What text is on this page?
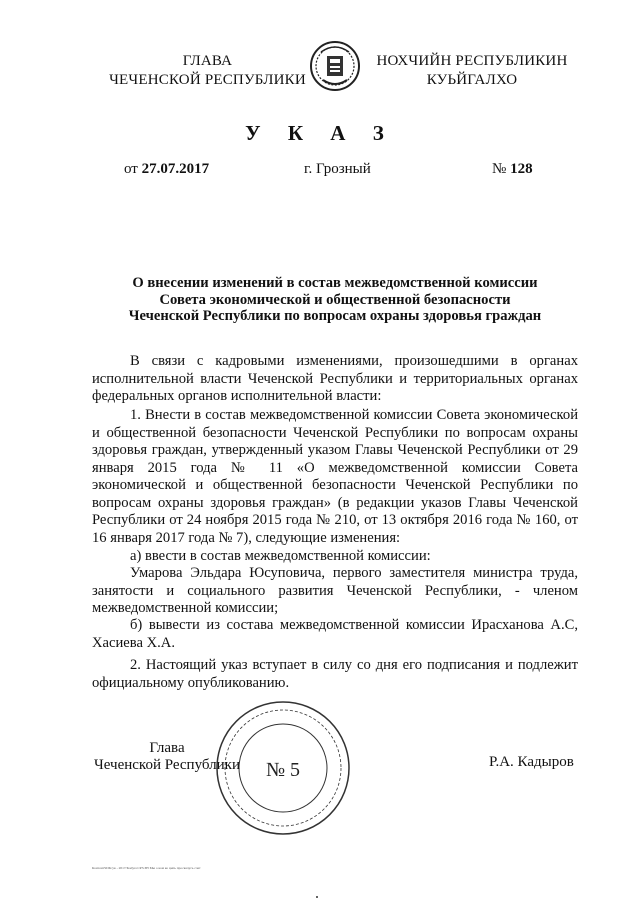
ГЛАВА
ЧЕЧЕНСКОЙ РЕСПУБЛИКИ
НОХЧИЙН РЕСПУБЛИКИН
КУЬЙГАЛХО
У К А З
от 27.07.2017	г. Грозный	№ 128
О внесении изменений в состав межведомственной комиссии
Совета экономической и общественной безопасности
Чеченской Республики по вопросам охраны здоровья граждан
В связи с кадровыми изменениями, произошедшими в органах исполнительной власти Чеченской Республики и территориальных органах федеральных органов исполнительной власти:
1. Внести в состав межведомственной комиссии Совета экономической и общественной безопасности Чеченской Республики по вопросам охраны здоровья граждан, утвержденный указом Главы Чеченской Республики от 29 января 2015 года № 11 «О межведомственной комиссии Совета экономической и общественной безопасности Чеченской Республики по вопросам охраны здоровья граждан» (в редакции указов Главы Чеченской Республики от 24 ноября 2015 года № 210, от 13 октября 2016 года № 160, от 16 января 2017 года № 7), следующие изменения:
а) ввести в состав межведомственной комиссии:
Умарова Эльдара Юсуповича, первого заместителя министра труда, занятости и социального развития Чеченской Республики, - членом межведомственной комиссии;
б) вывести из состава межведомственной комиссии Ирасханова А.С, Хасиева Х.А.
2. Настоящий указ вступает в силу со дня его подписания и подлежит официальному опубликованию.
№ 5
Глава
Чеченской Республики	Р.А. Кадыров
КонтентSDK/ук - 2017/Kadyrov/РЗ.ЗН Мы о ком ко цепь проскачусь счет
